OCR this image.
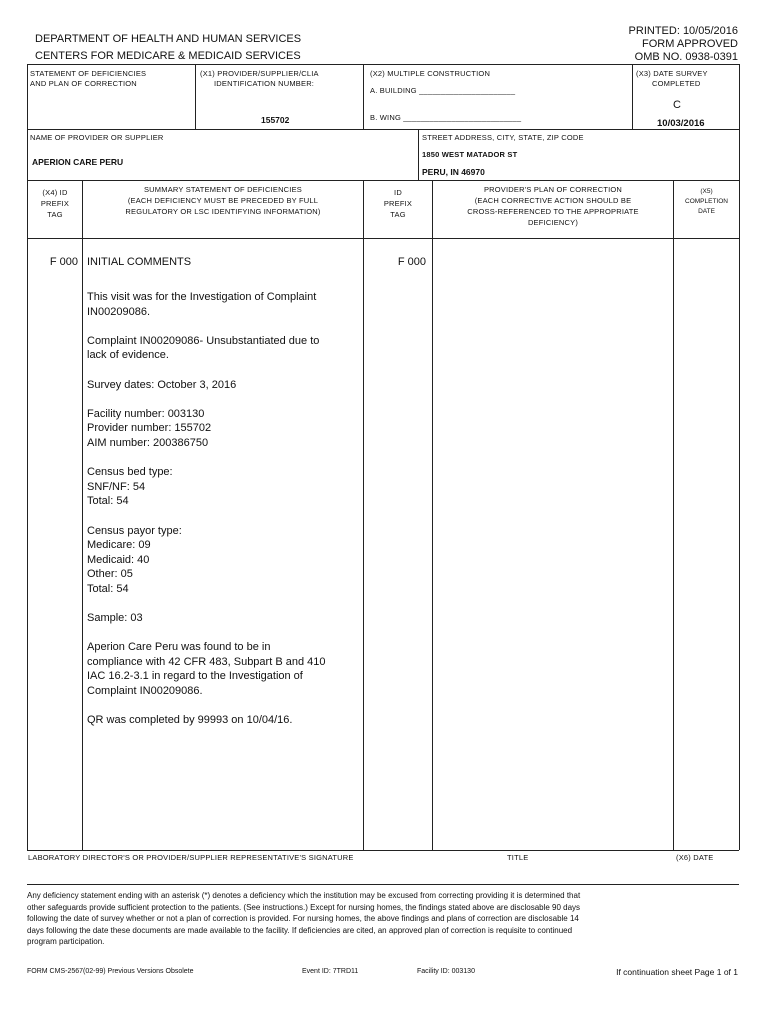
DEPARTMENT OF HEALTH AND HUMAN SERVICES
CENTERS FOR MEDICARE & MEDICAID SERVICES
PRINTED: 10/05/2016
FORM APPROVED
OMB NO. 0938-0391
STATEMENT OF DEFICIENCIES
AND PLAN OF CORRECTION
(X1) PROVIDER/SUPPLIER/CLIA
IDENTIFICATION NUMBER:
155702
(X2) MULTIPLE CONSTRUCTION
A. BUILDING ______________________
B. WING ___________________________
(X3) DATE SURVEY
COMPLETED
C
10/03/2016
NAME OF PROVIDER OR SUPPLIER
APERION CARE PERU
STREET ADDRESS, CITY, STATE, ZIP CODE
1850 WEST MATADOR ST
PERU, IN 46970
(X4) ID
PREFIX
TAG
SUMMARY STATEMENT OF DEFICIENCIES
(EACH DEFICIENCY MUST BE PRECEDED BY FULL
REGULATORY OR LSC IDENTIFYING INFORMATION)
ID
PREFIX
TAG
PROVIDER'S PLAN OF CORRECTION
(EACH CORRECTIVE ACTION SHOULD BE
CROSS-REFERENCED TO THE APPROPRIATE
DEFICIENCY)
(X5)
COMPLETION
DATE
F 000 INITIAL COMMENTS	F 000
This visit was for the Investigation of Complaint
IN00209086.
Complaint IN00209086- Unsubstantiated due to
lack of evidence.
Survey dates: October 3, 2016
Facility number: 003130
Provider number: 155702
AIM number: 200386750
Census bed type:
SNF/NF: 54
Total: 54
Census payor type:
Medicare: 09
Medicaid: 40
Other: 05
Total: 54
Sample: 03
Aperion Care Peru was found to be in
compliance with 42 CFR 483, Subpart B and 410
IAC 16.2-3.1 in regard to the Investigation of
Complaint IN00209086.
QR was completed by 99993 on 10/04/16.
LABORATORY DIRECTOR'S OR PROVIDER/SUPPLIER REPRESENTATIVE'S SIGNATURE	TITLE	(X6) DATE
Any deficiency statement ending with an asterisk (*) denotes a deficiency which the institution may be excused from correcting providing it is determined that
other safeguards provide sufficient protection to the patients. (See instructions.) Except for nursing homes, the findings stated above are disclosable 90 days
following the date of survey whether or not a plan of correction is provided. For nursing homes, the above findings and plans of correction are disclosable 14
days following the date these documents are made available to the facility. If deficiencies are cited, an approved plan of correction is requisite to continued
program participation.
FORM CMS-2567(02-99) Previous Versions Obsolete	Event ID: 7TRD11	Facility ID: 003130	If continuation sheet Page 1 of 1
